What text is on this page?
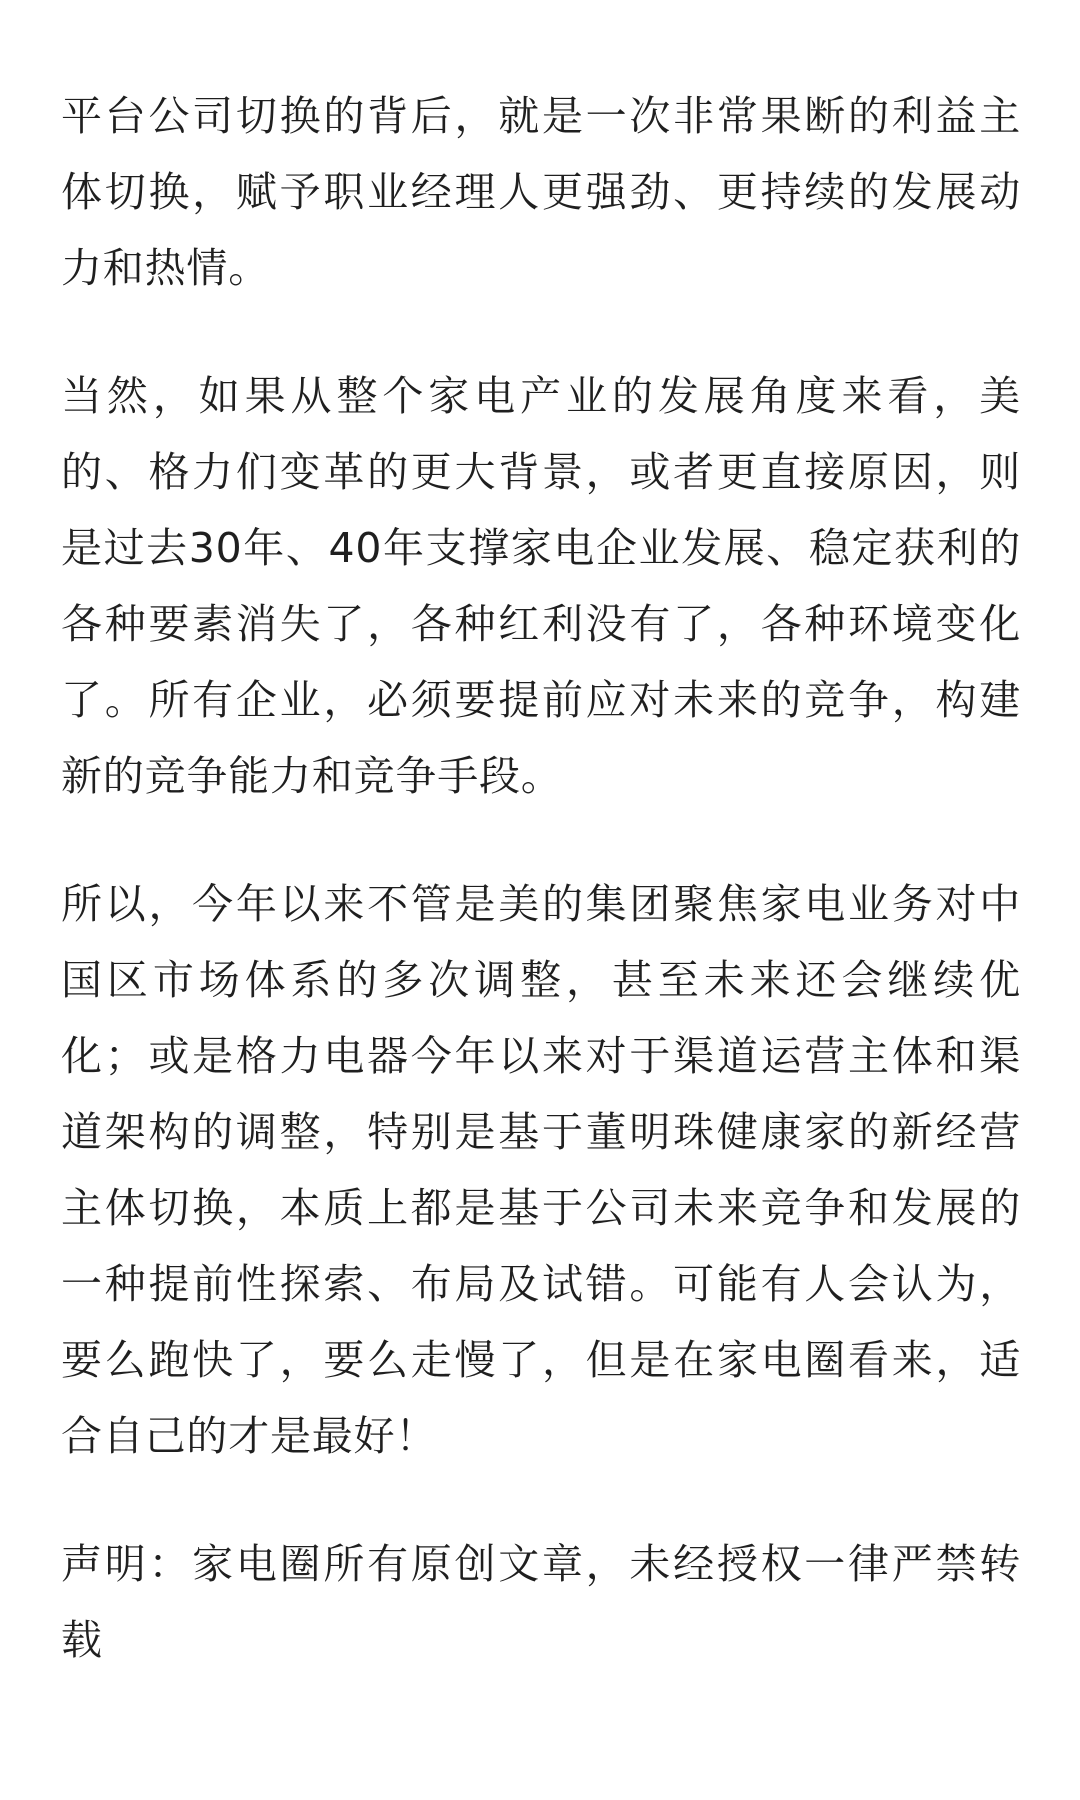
平台公司切换的背后，就是一次非常果断的利益主体切换，赋予职业经理人更强劲、更持续的发展动力和热情。

当然，如果从整个家电产业的发展角度来看，美的、格力们变革的更大背景，或者更直接原因，则是过去30年、40年支撑家电企业发展、稳定获利的各种要素消失了，各种红利没有了，各种环境变化了。所有企业，必须要提前应对未来的竞争，构建新的竞争能力和竞争手段。

所以，今年以来不管是美的集团聚焦家电业务对中国区市场体系的多次调整，甚至未来还会继续优化；或是格力电器今年以来对于渠道运营主体和渠道架构的调整，特别是基于董明珠健康家的新经营主体切换，本质上都是基于公司未来竞争和发展的一种提前性探索、布局及试错。可能有人会认为，要么跑快了，要么走慢了，但是在家电圈看来，适合自己的才是最好！

声明：家电圈所有原创文章，未经授权一律严禁转载
